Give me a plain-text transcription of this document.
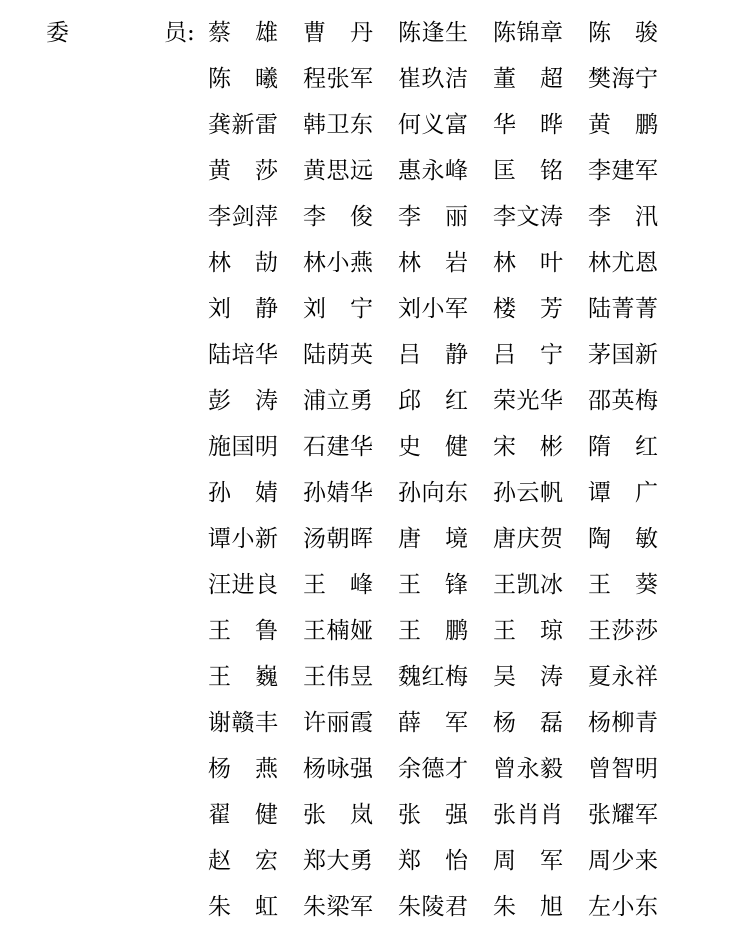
委	员: 蔡 雄 曹 丹 陈 逢 生 陈 锦 章 陈 骏
陈 曦 程 张 军 崔 玖 洁 董 超 樊 海 宁
龚 新 雷 韩 卫 东 何 义 富 华 晔 黄 鹏
黄 莎 黄 思 远 惠 永 峰 匡 铭 李 建 军
李 剑 萍 李 俊 李 丽 李 文 涛 李 汛
林 劼 林 小 燕 林 岩 林 叶 林 尤 恩
刘 静 刘 宁 刘 小 军 楼 芳 陆 菁 菁
陆 培 华 陆 荫 英 吕 静 吕 宁 茅 国 新
彭 涛 浦 立 勇 邱 红 荣 光 华 邵 英 梅
施 国 明 石 建 华 史 健 宋 彬 隋 红
孙 婧 孙 婧 华 孙 向 东 孙 云 帆 谭 广
谭 小 新 汤 朝 晖 唐 境 唐 庆 贺 陶 敏
汪 进 良 王 峰 王 锋 王 凯 冰 王 葵
王 鲁 王 楠 娅 王 鹏 王 琼 王 莎 莎
王 巍 王 伟 昱 魏 红 梅 吴 涛 夏 永 祥
谢 赣 丰 许 丽 霞 薛 军 杨 磊 杨 柳 青
杨 燕 杨 咏 强 余 德 才 曾 永 毅 曾 智 明
翟 健 张 岚 张 强 张 肖 肖 张 耀 军
赵 宏 郑 大 勇 郑 怡 周 军 周 少 来
朱 虹 朱 梁 军 朱 陵 君 朱 旭 左 小 东
